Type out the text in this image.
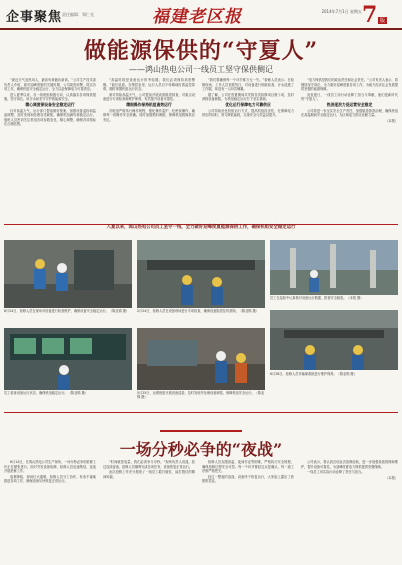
企事聚焦 责任编辑：郑仁光	福建老区报	2014年7月1日 星期五 7 版
做能源保供的“守夏人”
——鸿山热电公司一线员工坚守保供侧记

“最近天气炎热用人，最高负荷跑出新高。”公司生产技术部负责人介绍，面对迎峰度夏的关键时期，公司周密部署，抓实各项工作，确保机组安全稳定运行，全力以赴保障电力可靠供应。

进入夏季以来，各一线班组积极行动，认真落实各项保供措施，坚守岗位，用汗水和坚守守护着能源安全。

精心调度保设备安全稳定运行

针对高温天气，运行部门提前做好预案，加强设备巡检和监盘调整，及时发现和处理各类缺陷，确保机组满负荷稳定运行。值班人员密切关注机组各项参数变化，精心调整，确保各项指标在合理范围。

“高温时段是设备运行的考验期，我们必须保持高度警惕。”值长说道。在集控室里，运行人员目不转睛地盯着监控屏幕，随时掌握机组运行状态。

面对持续高温天气，公司提前开展设备隐患排查，对重点设备进行专项检查和维护保养，有效提升设备可靠性。

精细操作保持机组高效运行

各班组严格执行操作规程，强化操作监护，杜绝误操作，确保每一项操作安全准确。同时加强燃料调配，保障机组燃煤供应充足。

“我们要确保每一个环节都万无一失。”检修人员表示。在检修现场，工作人员顶着烈日，对设备进行细致检查，汗水浸透了工作服，却没有一人叫苦喊累。

据了解，公司在度夏期间共安排各类检修项目数十项，及时消除设备缺陷，为机组稳定运行打下坚实基础。

优化运行保障电力可靠供应

公司持续优化机组运行方式，提高机组经济性，在保障电力供应的同时，努力降低能耗，实现安全与效益双提升。

“电力保供是我们的政治责任和社会责任。”公司负责人表示，将继续坚守岗位，全力做好迎峰度夏各项工作，为地方经济社会发展提供坚强的能源保障。

炎炎夏日，一线员工用行动诠释了担当与奉献，他们是新时代的“守夏人”。

热浪逐浪力促运营安全稳定

公司将进一步压实安全生产责任，加强隐患排查治理，确保机组在高温期间安全稳定运行，为区域电力供应贡献力量。

（本报）

入夏以来，鸿山热电公司员工坚守一线，全力做好迎峰度夏能源保供工作，确保机组安全稳定运行
6月24日，检修人员在现场对设备进行检查维护，确保设备安全稳定运行。（陈亚锦 摄）	2月24日，检修人员在设备现场进行专项检查，确保设备隐患及时消除。（陈亚锦 摄）
员工在巡检中认真核对设备运行数据，排查安全隐患。（本报 摄）
员工检查设备运行状态，确保机组稳定运行。（陈亚锦 摄）	5月25日，运维班组开展设备巡检，及时发现并处理设备缺陷，保障机组安全运行。（陈亚锦 摄）
6月28日，检修人员对输煤系统进行维护保养。（陈亚锦 摄）
一场分秒必争的“夜战”

6月14日，在鸿山热电公司生产现场，一场分秒必争的抢修工作正在紧张进行。面对突发设备故障，检修人员迅速集结，连夜开展抢修工作。

夜幕降临，现场灯火通明，检修人员分工协作，有条不紊地推进各项工作，确保设备尽快恢复正常运行。

“时间就是电量，我们必须争分夺秒。”现场负责人说道。经过连续奋战，抢修人员顺利完成各项任务，设备恢复正常运行。

此次抢修工作充分展现了一线员工敢打硬仗、能打胜仗的精神风貌。

检修人员克服高温、夜间作业等困难，严格执行安全规程，确保抢修过程安全可控。每一个环节都经过反复确认，每一道工序都严格把关。

经过一整夜的奋战，设备终于恢复运行，大家脸上露出了欣慰的笑容。

公司表示，将认真总结此次抢修经验，进一步加强设备管理和维护，提升设备可靠性，为迎峰度夏电力保供提供坚强保障。

一线员工用实际行动诠释了责任与担当。

（本报）
